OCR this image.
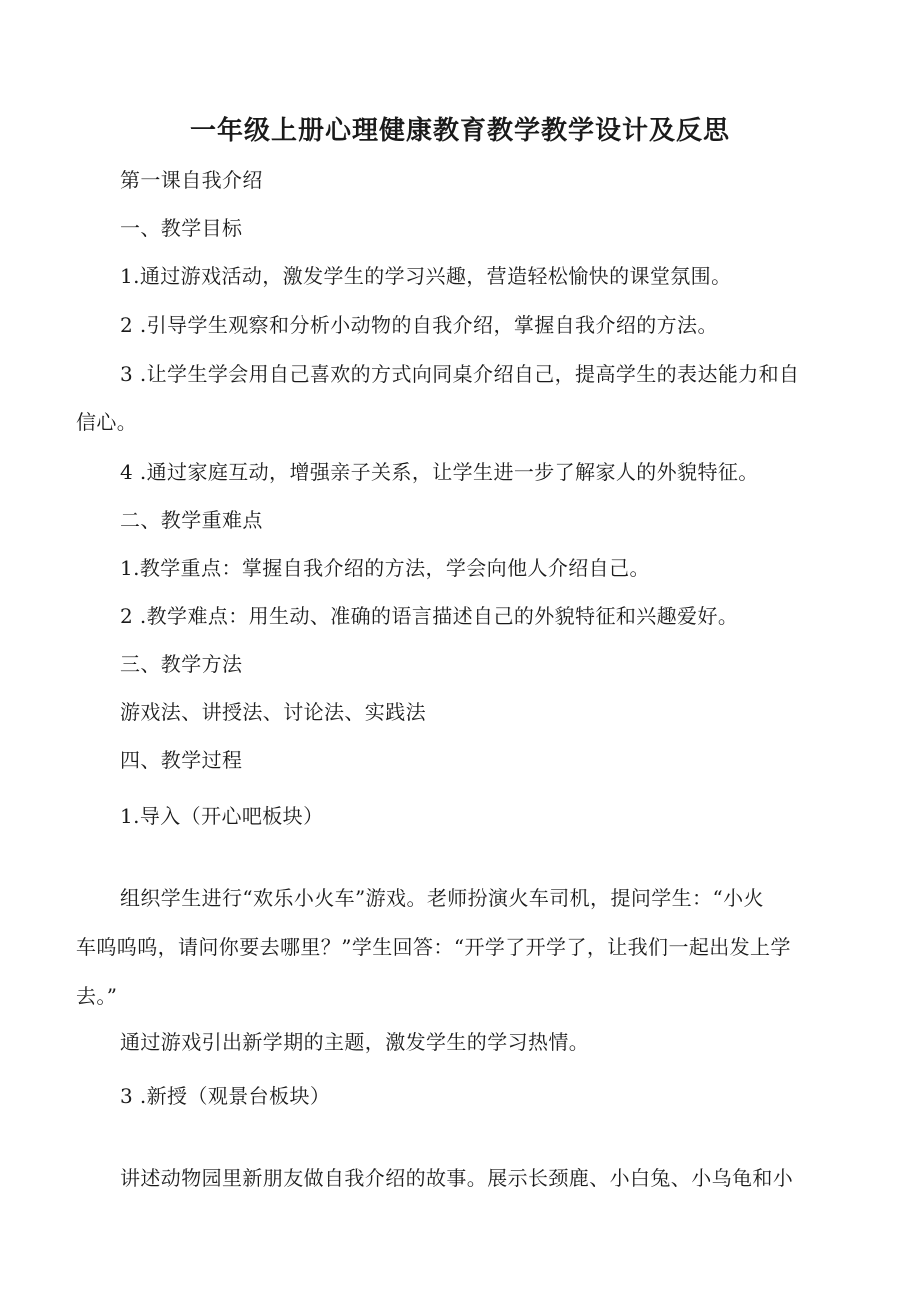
一年级上册心理健康教育教学教学设计及反思

第一课自我介绍

一、教学目标

1.通过游戏活动，激发学生的学习兴趣，营造轻松愉快的课堂氛围。

2 .引导学生观察和分析小动物的自我介绍，掌握自我介绍的方法。

3 .让学生学会用自己喜欢的方式向同桌介绍自己，提高学生的表达能力和自

信心。

4 .通过家庭互动，增强亲子关系，让学生进一步了解家人的外貌特征。

二、教学重难点

1.教学重点：掌握自我介绍的方法，学会向他人介绍自己。

2 .教学难点：用生动、准确的语言描述自己的外貌特征和兴趣爱好。

三、教学方法

游戏法、讲授法、讨论法、实践法

四、教学过程

1.导入（开心吧板块）

组织学生进行“欢乐小火车”游戏。老师扮演火车司机，提问学生：“小火

车呜呜呜，请问你要去哪里？”学生回答：“开学了开学了，让我们一起出发上学

去。”

通过游戏引出新学期的主题，激发学生的学习热情。

3 .新授（观景台板块）

讲述动物园里新朋友做自我介绍的故事。展示长颈鹿、小白兔、小乌龟和小
